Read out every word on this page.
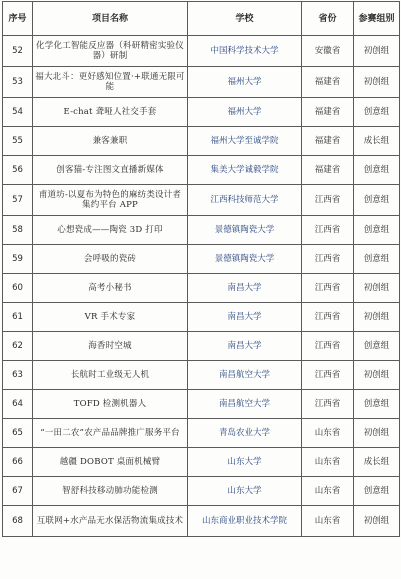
序号	项目名称	学校	省份	参赛组别
52	化学化工智能反应器（科研精密实验仪器）研制	中国科学技术大学	安徽省	初创组
53	福大北斗：更好感知位置·+联通无限可能	福州大学	福建省	初创组
54	E-chat 聋哑人社交手套	福州大学	福建省	创意组
55	兼客兼职	福州大学至诚学院	福建省	成长组
56	创客猫-专注图文直播新媒体	集美大学诚毅学院	福建省	创意组
57	甫道坊-以夏布为特色的麻纺类设计者集约平台 APP	江西科技师范大学	江西省	创意组
58	心想瓷成——陶瓷 3D 打印	景德镇陶瓷大学	江西省	创意组
59	会呼吸的瓷砖	景德镇陶瓷大学	江西省	创意组
60	高考小秘书	南昌大学	江西省	初创组
61	VR 手术专家	南昌大学	江西省	初创组
62	海香时空城	南昌大学	江西省	创意组
63	长航时工业级无人机	南昌航空大学	江西省	初创组
64	TOFD 检测机器人	南昌航空大学	江西省	创意组
65	“一田二农”农产品品牌推广服务平台	青岛农业大学	山东省	初创组
66	越疆 DOBOT 桌面机械臂	山东大学	山东省	成长组
67	智舒科技移动肺功能检测	山东大学	山东省	创意组
68	互联网+水产品无水保活物流集成技术	山东商业职业技术学院	山东省	初创组
